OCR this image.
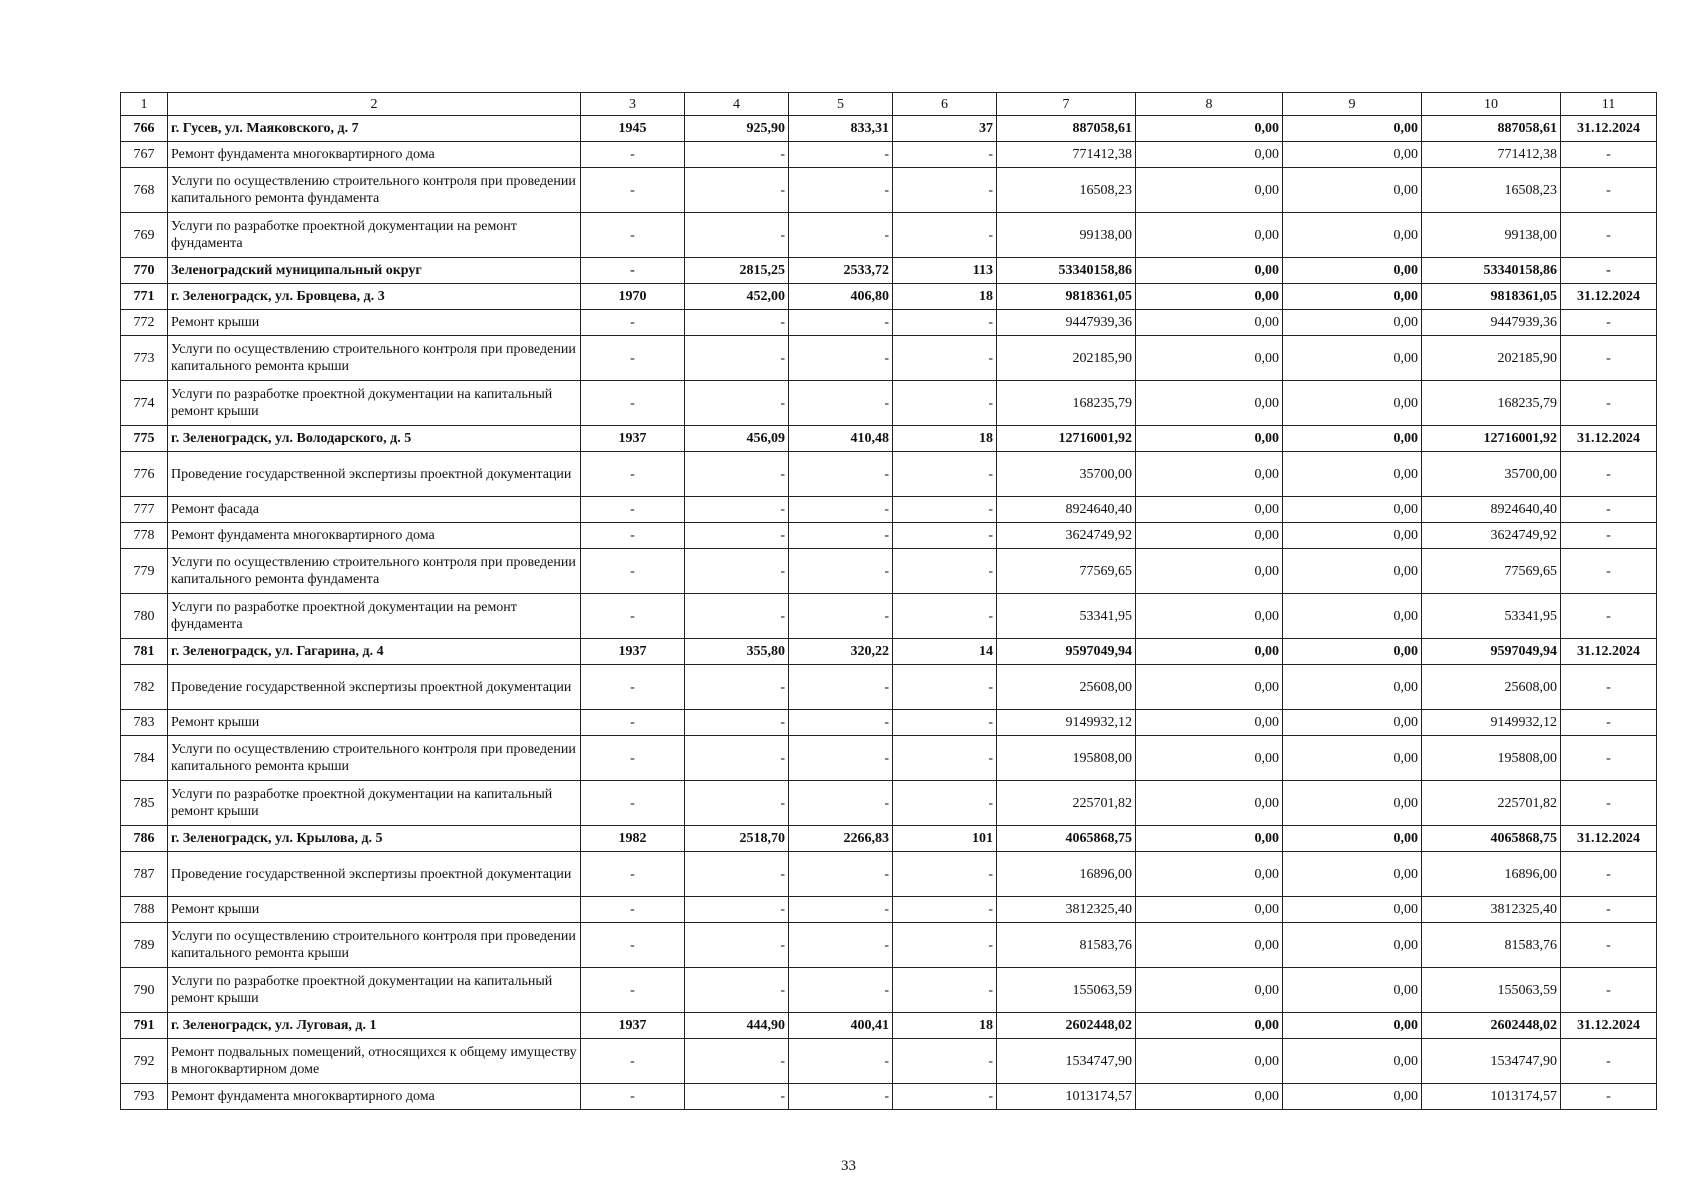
1	2	3	4	5	6	7	8	9	10	11
766	г. Гусев, ул. Маяковского, д. 7	1945	925,90	833,31	37	887058,61	0,00	0,00	887058,61	31.12.2024
767	Ремонт фундамента многоквартирного дома	-	-	-	-	771412,38	0,00	0,00	771412,38	-
768	Услуги по осуществлению строительного контроля при проведении капитального ремонта фундамента	-	-	-	-	16508,23	0,00	0,00	16508,23	-
769	Услуги по разработке проектной документации на ремонт фундамента	-	-	-	-	99138,00	0,00	0,00	99138,00	-
770	Зеленоградский муниципальный округ	-	2815,25	2533,72	113	53340158,86	0,00	0,00	53340158,86	-
771	г. Зеленоградск, ул. Бровцева, д. 3	1970	452,00	406,80	18	9818361,05	0,00	0,00	9818361,05	31.12.2024
772	Ремонт крыши	-	-	-	-	9447939,36	0,00	0,00	9447939,36	-
773	Услуги по осуществлению строительного контроля при проведении капитального ремонта крыши	-	-	-	-	202185,90	0,00	0,00	202185,90	-
774	Услуги по разработке проектной документации на капитальный ремонт крыши	-	-	-	-	168235,79	0,00	0,00	168235,79	-
775	г. Зеленоградск, ул. Володарского, д. 5	1937	456,09	410,48	18	12716001,92	0,00	0,00	12716001,92	31.12.2024
776	Проведение государственной экспертизы проектной документации	-	-	-	-	35700,00	0,00	0,00	35700,00	-
777	Ремонт фасада	-	-	-	-	8924640,40	0,00	0,00	8924640,40	-
778	Ремонт фундамента многоквартирного дома	-	-	-	-	3624749,92	0,00	0,00	3624749,92	-
779	Услуги по осуществлению строительного контроля при проведении капитального ремонта фундамента	-	-	-	-	77569,65	0,00	0,00	77569,65	-
780	Услуги по разработке проектной документации на ремонт фундамента	-	-	-	-	53341,95	0,00	0,00	53341,95	-
781	г. Зеленоградск, ул. Гагарина, д. 4	1937	355,80	320,22	14	9597049,94	0,00	0,00	9597049,94	31.12.2024
782	Проведение государственной экспертизы проектной документации	-	-	-	-	25608,00	0,00	0,00	25608,00	-
783	Ремонт крыши	-	-	-	-	9149932,12	0,00	0,00	9149932,12	-
784	Услуги по осуществлению строительного контроля при проведении капитального ремонта крыши	-	-	-	-	195808,00	0,00	0,00	195808,00	-
785	Услуги по разработке проектной документации на капитальный ремонт крыши	-	-	-	-	225701,82	0,00	0,00	225701,82	-
786	г. Зеленоградск, ул. Крылова, д. 5	1982	2518,70	2266,83	101	4065868,75	0,00	0,00	4065868,75	31.12.2024
787	Проведение государственной экспертизы проектной документации	-	-	-	-	16896,00	0,00	0,00	16896,00	-
788	Ремонт крыши	-	-	-	-	3812325,40	0,00	0,00	3812325,40	-
789	Услуги по осуществлению строительного контроля при проведении капитального ремонта крыши	-	-	-	-	81583,76	0,00	0,00	81583,76	-
790	Услуги по разработке проектной документации на капитальный ремонт крыши	-	-	-	-	155063,59	0,00	0,00	155063,59	-
791	г. Зеленоградск, ул. Луговая, д. 1	1937	444,90	400,41	18	2602448,02	0,00	0,00	2602448,02	31.12.2024
792	Ремонт подвальных помещений, относящихся к общему имуществу в многоквартирном доме	-	-	-	-	1534747,90	0,00	0,00	1534747,90	-
793	Ремонт фундамента многоквартирного дома	-	-	-	-	1013174,57	0,00	0,00	1013174,57	-
33
